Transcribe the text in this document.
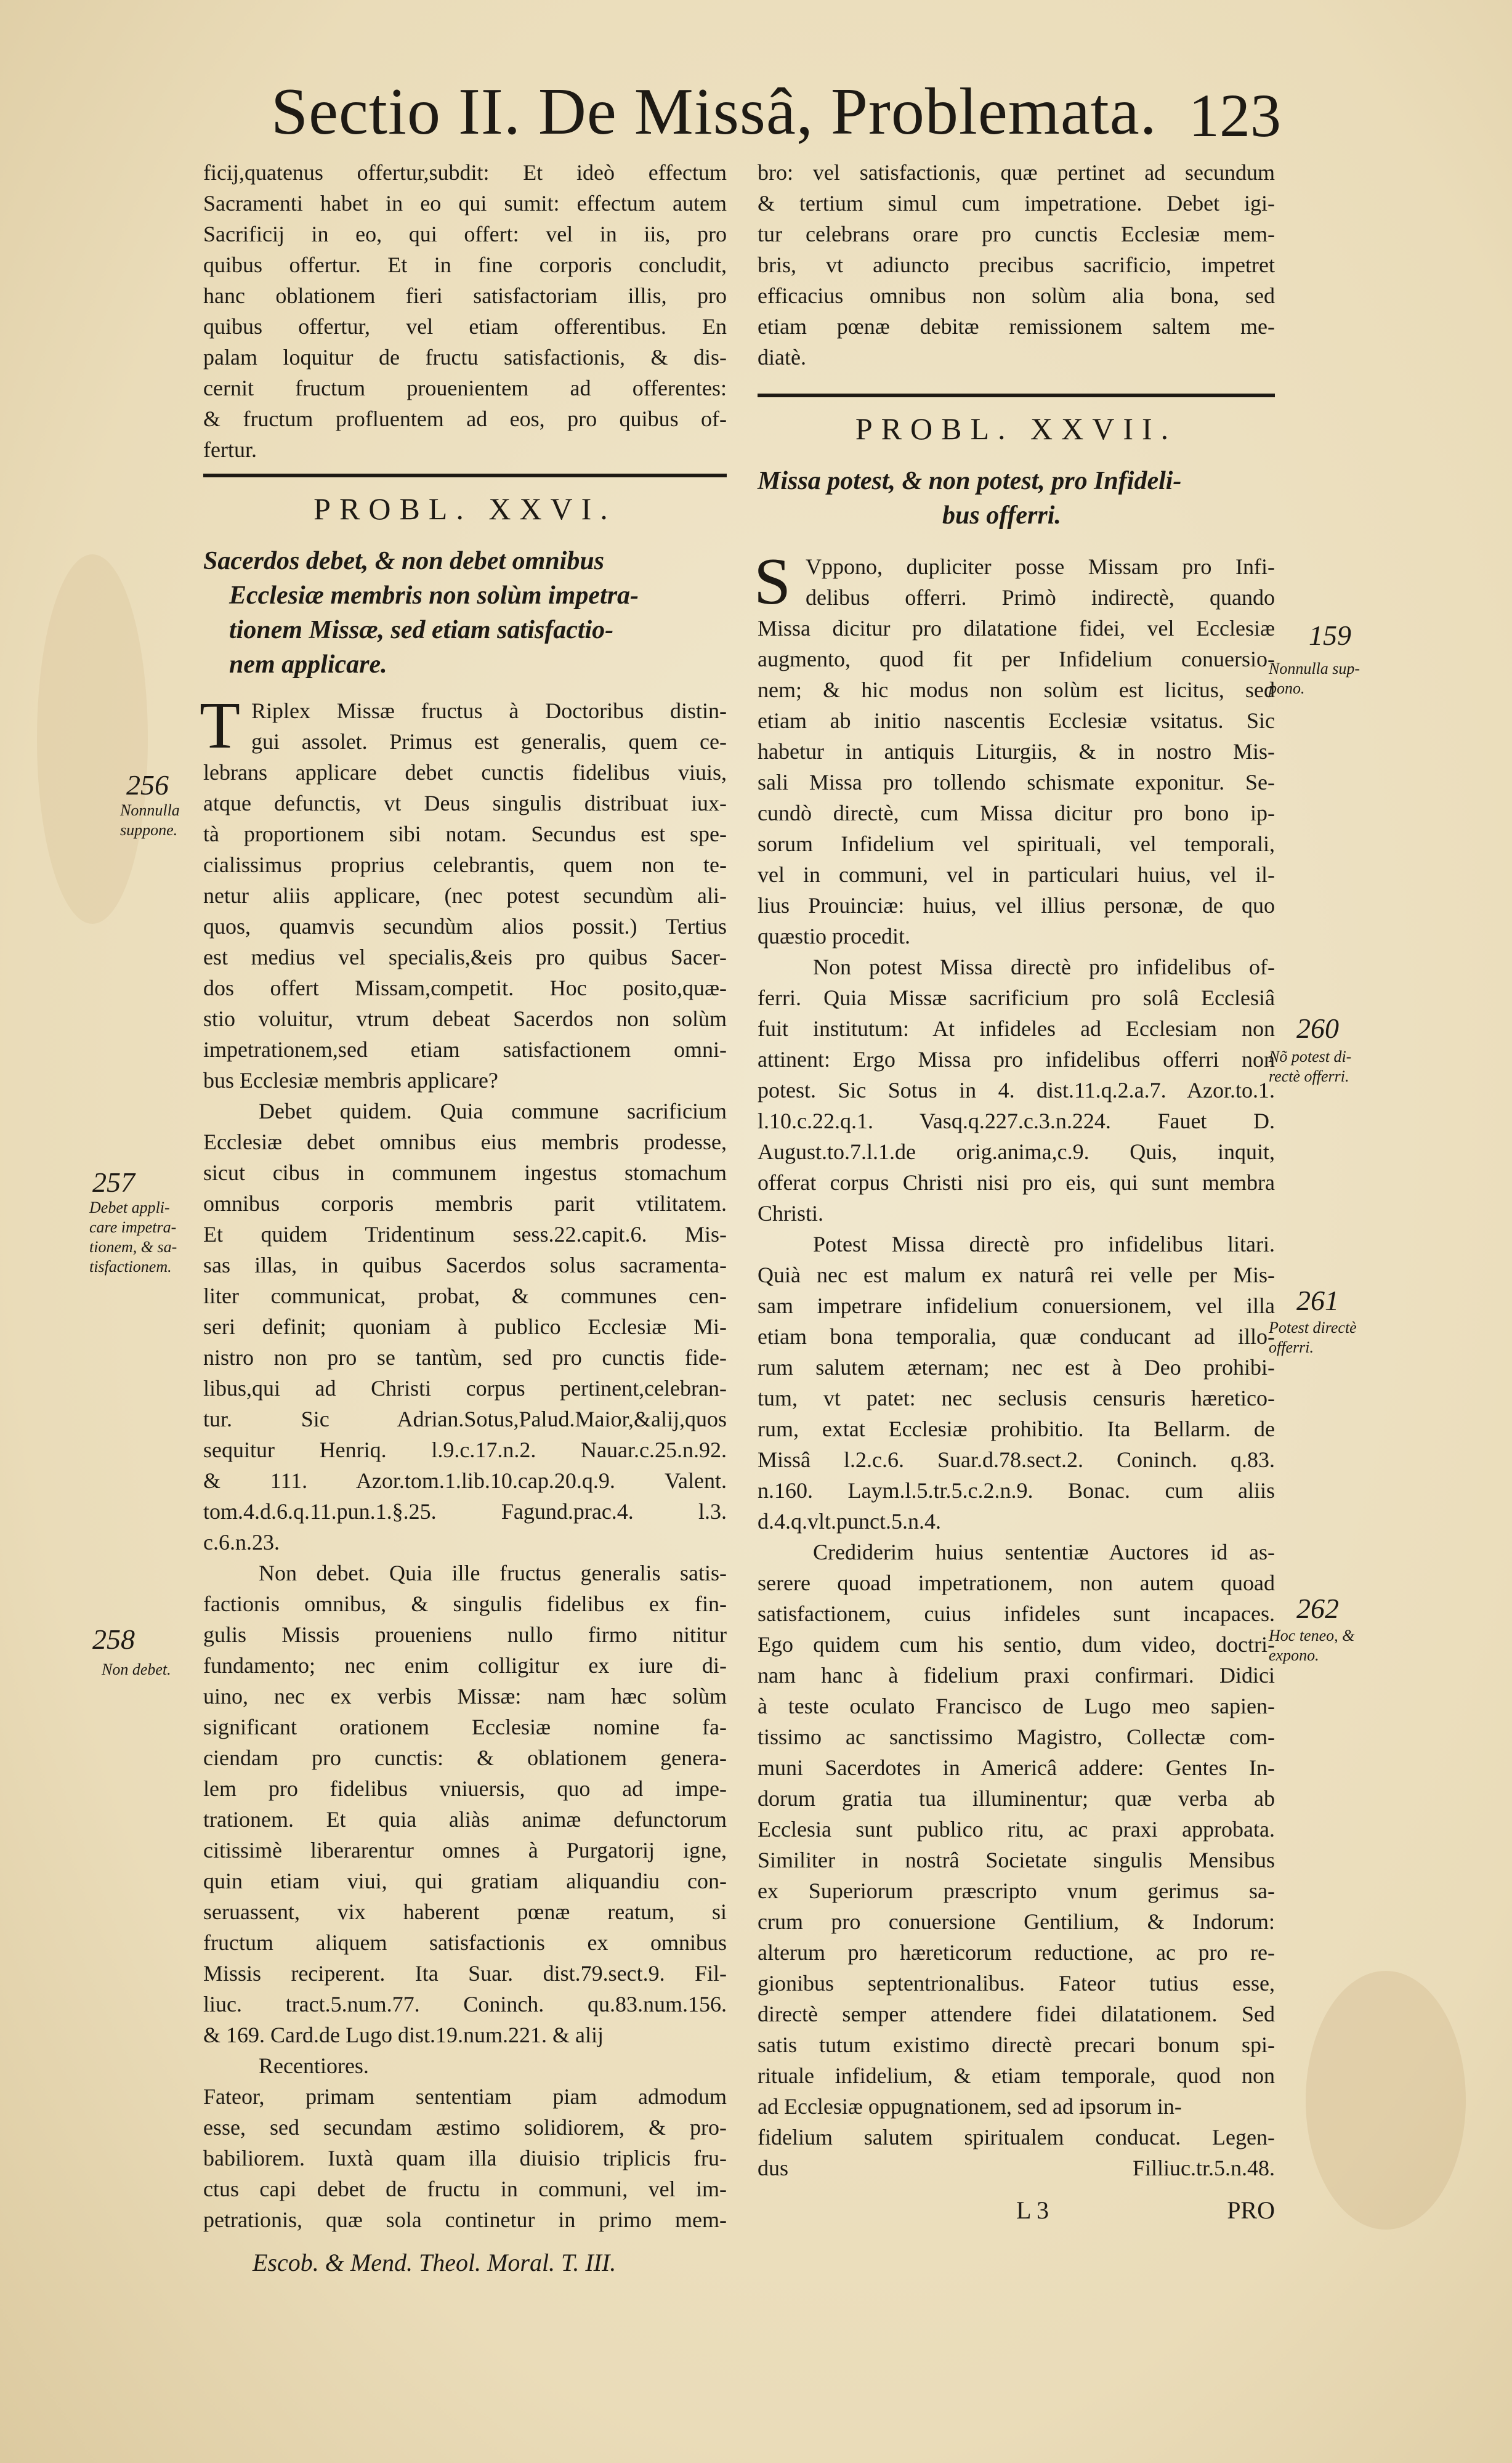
Sectio II. De Missâ, Problemata. 123
ficij,quatenus offertur,subdit: Et ideò effectum
Sacramenti habet in eo qui sumit: effectum autem
Sacrificij in eo, qui offert: vel in iis, pro
quibus offertur. Et in fine corporis concludit,
hanc oblationem fieri satisfactoriam illis, pro
quibus offertur, vel etiam offerentibus. En
palam loquitur de fructu satisfactionis, & dis-
cernit fructum prouenientem ad offerentes:
& fructum profluentem ad eos, pro quibus of-
fertur.
PROBL. XXVI.
Sacerdos debet, & non debet omnibus
Ecclesiæ membris non solùm impetra-
tionem Missæ, sed etiam satisfactio-
nem applicare.
T Riplex Missæ fructus à Doctoribus distin-
gui assolet. Primus est generalis, quem ce-
lebrans applicare debet cunctis fidelibus viuis,
atque defunctis, vt Deus singulis distribuat iux-
tà proportionem sibi notam. Secundus est spe-
cialissimus proprius celebrantis, quem non te-
netur aliis applicare, (nec potest secundùm ali-
quos, quamvis secundùm alios possit.) Tertius
est medius vel specialis,&eis pro quibus Sacer-
dos offert Missam,competit. Hoc posito,quæ-
stio voluitur, vtrum debeat Sacerdos non solùm
impetrationem,sed etiam satisfactionem omni-
bus Ecclesiæ membris applicare?
Debet quidem. Quia commune sacrificium
Ecclesiæ debet omnibus eius membris prodesse,
sicut cibus in communem ingestus stomachum
omnibus corporis membris parit vtilitatem.
Et quidem Tridentinum sess.22.capit.6. Mis-
sas illas, in quibus Sacerdos solus sacramenta-
liter communicat, probat, & communes cen-
seri definit; quoniam à publico Ecclesiæ Mi-
nistro non pro se tantùm, sed pro cunctis fide-
libus,qui ad Christi corpus pertinent,celebran-
tur. Sic Adrian.Sotus,Palud.Maior,&alij,quos
sequitur Henriq. l.9.c.17.n.2. Nauar.c.25.n.92.
& 111. Azor.tom.1.lib.10.cap.20.q.9. Valent.
tom.4.d.6.q.11.pun.1.§.25. Fagund.prac.4. l.3.
c.6.n.23.
Non debet. Quia ille fructus generalis satis-
factionis omnibus, & singulis fidelibus ex fin-
gulis Missis proueniens nullo firmo nititur
fundamento; nec enim colligitur ex iure di-
uino, nec ex verbis Missæ: nam hæc solùm
significant orationem Ecclesiæ nomine fa-
ciendam pro cunctis: & oblationem genera-
lem pro fidelibus vniuersis, quo ad impe-
trationem. Et quia aliàs animæ defunctorum
citissimè liberarentur omnes à Purgatorij igne,
quin etiam viui, qui gratiam aliquandiu con-
seruassent, vix haberent pœnæ reatum, si
fructum aliquem satisfactionis ex omnibus
Missis reciperent. Ita Suar. dist.79.sect.9. Fil-
liuc. tract.5.num.77. Coninch. qu.83.num.156.
& 169. Card.de Lugo dist.19.num.221. & alij
Recentiores.
Fateor, primam sententiam piam admodum
esse, sed secundam æstimo solidiorem, & pro-
babiliorem. Iuxtà quam illa diuisio triplicis fru-
ctus capi debet de fructu in communi, vel im-
petrationis, quæ sola continetur in primo mem-
Escob. & Mend. Theol. Moral. T. III.
bro: vel satisfactionis, quæ pertinet ad secundum
& tertium simul cum impetratione. Debet igi-
tur celebrans orare pro cunctis Ecclesiæ mem-
bris, vt adiuncto precibus sacrificio, impetret
efficacius omnibus non solùm alia bona, sed
etiam pœnæ debitæ remissionem saltem me-
diatè.
PROBL. XXVII.
Missa potest, & non potest, pro Infideli-
bus offerri.
S Vppono, dupliciter posse Missam pro Infi-
delibus offerri. Primò indirectè, quando
Missa dicitur pro dilatatione fidei, vel Ecclesiæ
augmento, quod fit per Infidelium conuersio-
nem; & hic modus non solùm est licitus, sed
etiam ab initio nascentis Ecclesiæ vsitatus. Sic
habetur in antiquis Liturgiis, & in nostro Mis-
sali Missa pro tollendo schismate exponitur. Se-
cundò directè, cum Missa dicitur pro bono ip-
sorum Infidelium vel spirituali, vel temporali,
vel in communi, vel in particulari huius, vel il-
lius Prouinciæ: huius, vel illius personæ, de quo
quæstio procedit.
Non potest Missa directè pro infidelibus of-
ferri. Quia Missæ sacrificium pro solâ Ecclesiâ
fuit institutum: At infideles ad Ecclesiam non
attinent: Ergo Missa pro infidelibus offerri non
potest. Sic Sotus in 4. dist.11.q.2.a.7. Azor.to.1.
l.10.c.22.q.1. Vasq.q.227.c.3.n.224. Fauet D.
August.to.7.l.1.de orig.anima,c.9. Quis, inquit,
offerat corpus Christi nisi pro eis, qui sunt membra
Christi.
Potest Missa directè pro infidelibus litari.
Quià nec est malum ex naturâ rei velle per Mis-
sam impetrare infidelium conuersionem, vel illa
etiam bona temporalia, quæ conducant ad illo-
rum salutem æternam; nec est à Deo prohibi-
tum, vt patet: nec seclusis censuris hæretico-
rum, extat Ecclesiæ prohibitio. Ita Bellarm. de
Missâ l.2.c.6. Suar.d.78.sect.2. Coninch. q.83.
n.160. Laym.l.5.tr.5.c.2.n.9. Bonac. cum aliis
d.4.q.vlt.punct.5.n.4.
Crediderim huius sententiæ Auctores id as-
serere quoad impetrationem, non autem quoad
satisfactionem, cuius infideles sunt incapaces.
Ego quidem cum his sentio, dum video, doctri-
nam hanc à fidelium praxi confirmari. Didici
à teste oculato Francisco de Lugo meo sapien-
tissimo ac sanctissimo Magistro, Collectæ com-
muni Sacerdotes in Americâ addere: Gentes In-
dorum gratia tua illuminentur; quæ verba ab
Ecclesia sunt publico ritu, ac praxi approbata.
Similiter in nostrâ Societate singulis Mensibus
ex Superiorum præscripto vnum gerimus sa-
crum pro conuersione Gentilium, & Indorum:
alterum pro hæreticorum reductione, ac pro re-
gionibus septentrionalibus. Fateor tutius esse,
directè semper attendere fidei dilatationem. Sed
satis tutum existimo directè precari bonum spi-
rituale infidelium, & etiam temporale, quod non
ad Ecclesiæ oppugnationem, sed ad ipsorum in-
fidelium salutem spiritualem conducat. Legen-
dus Filliuc.tr.5.n.48.
L 3	PRO
256
Nonnulla
suppone.
257
Debet appli-
care impetra-
tionem, & sa-
tisfactionem.
258
Non debet.
159
Nonnulla sup-
pono.
260
Nõ potest di-
rectè offerri.
261
Potest directè
offerri.
262
Hoc teneo, &
expono.
